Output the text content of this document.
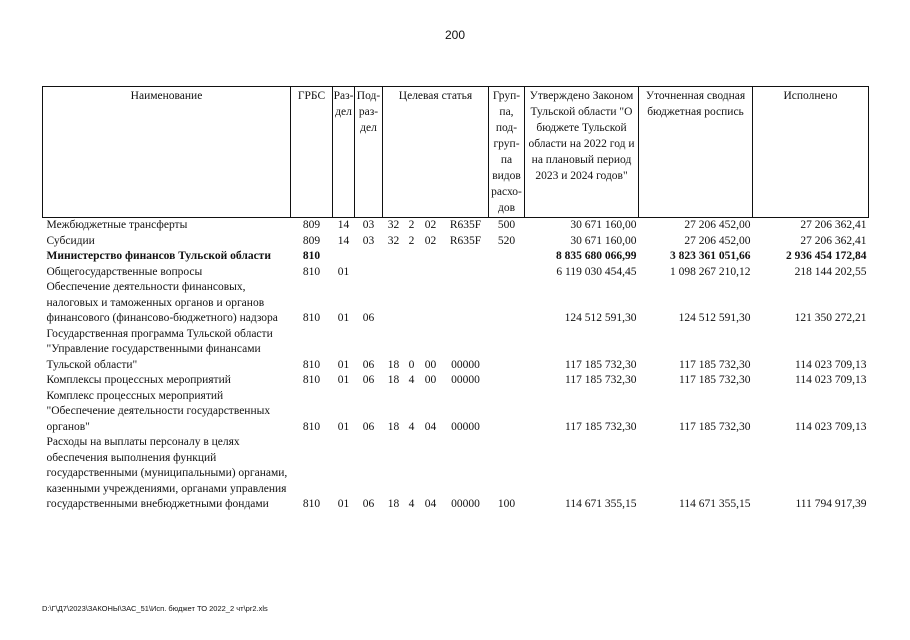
200
Наименование	ГРБС	Раз-дел	Под-раз-дел	Целевая статья				Груп-па, под-груп-па видов расхо-дов	Утверждено Законом Тульской области "О бюджете Тульской области на 2022 год и на плановый период 2023 и 2024 годов"	Уточненная сводная бюджетная роспись	Исполнено
Межбюджетные трансферты	809	14	03	32	2	02	R635F	500	30 671 160,00	27 206 452,00	27 206 362,41
Субсидии	809	14	03	32	2	02	R635F	520	30 671 160,00	27 206 452,00	27 206 362,41
Министерство финансов Тульской области	810								8 835 680 066,99	3 823 361 051,66	2 936 454 172,84
Общегосударственные вопросы	810	01							6 119 030 454,45	1 098 267 210,12	218 144 202,55
Обеспечение деятельности финансовых, налоговых и таможенных органов и органов финансового (финансово-бюджетного) надзора	810	01	06						124 512 591,30	124 512 591,30	121 350 272,21
Государственная программа Тульской области "Управление государственными финансами Тульской области"	810	01	06	18	0	00	00000		117 185 732,30	117 185 732,30	114 023 709,13
Комплексы процессных мероприятий	810	01	06	18	4	00	00000		117 185 732,30	117 185 732,30	114 023 709,13
Комплекс процессных мероприятий "Обеспечение деятельности государственных органов"	810	01	06	18	4	04	00000		117 185 732,30	117 185 732,30	114 023 709,13
Расходы на выплаты персоналу в целях обеспечения выполнения функций государственными (муниципальными) органами, казенными учреждениями, органами управления государственными внебюджетными фондами	810	01	06	18	4	04	00000	100	114 671 355,15	114 671 355,15	111 794 917,39
D:\Г\Д7\2023\ЗАКОНЫ\ЗАС_51\Исп. бюджет ТО 2022_2 чт\pr2.xls
